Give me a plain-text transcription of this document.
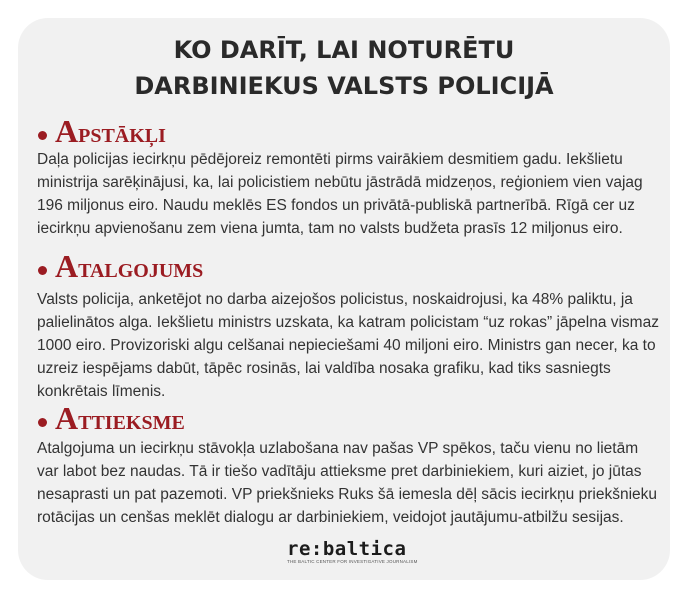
KO DARĪT, LAI NOTURĒTU
DARBINIEKUS VALSTS POLICIJĀ
A PSTĀKĻI
Daļa policijas iecirkņu pēdējoreiz remontēti pirms vairākiem desmitiem gadu. Iekšlietu ministrija sarēķinājusi, ka, lai policistiem nebūtu jāstrādā midzeņos, reģioniem vien vajag 196 miljonus eiro. Naudu meklēs ES fondos un privātā-publiskā partnerībā. Rīgā cer uz iecirkņu apvienošanu zem viena jumta, tam no valsts budžeta prasīs 12 miljonus eiro.
A TALGOJUMS
Valsts policija, anketējot no darba aizejošos policistus, noskaidrojusi, ka 48% paliktu, ja palielinātos alga. Iekšlietu ministrs uzskata, ka katram policistam “uz rokas” jāpelna vismaz 1000 eiro. Provizoriski algu celšanai nepieciešami 40 miljoni eiro. Ministrs gan necer, ka to uzreiz iespējams dabūt, tāpēc rosinās, lai valdība nosaka grafiku, kad tiks sasniegts konkrētais līmenis.
A TTIEKSME
Atalgojuma un iecirkņu stāvokļa uzlabošana nav pašas VP spēkos, taču vienu no lietām var labot bez naudas. Tā ir tiešo vadītāju attieksme pret darbiniekiem, kuri aiziet, jo jūtas nesaprasti un pat pazemoti. VP priekšnieks Ruks šā iemesla dēļ sācis iecirkņu priekšnieku rotācijas un cenšas meklēt dialogu ar darbiniekiem, veidojot jautājumu-atbilžu sesijas.
re:baltica
THE BALTIC CENTER FOR INVESTIGATIVE JOURNALISM
